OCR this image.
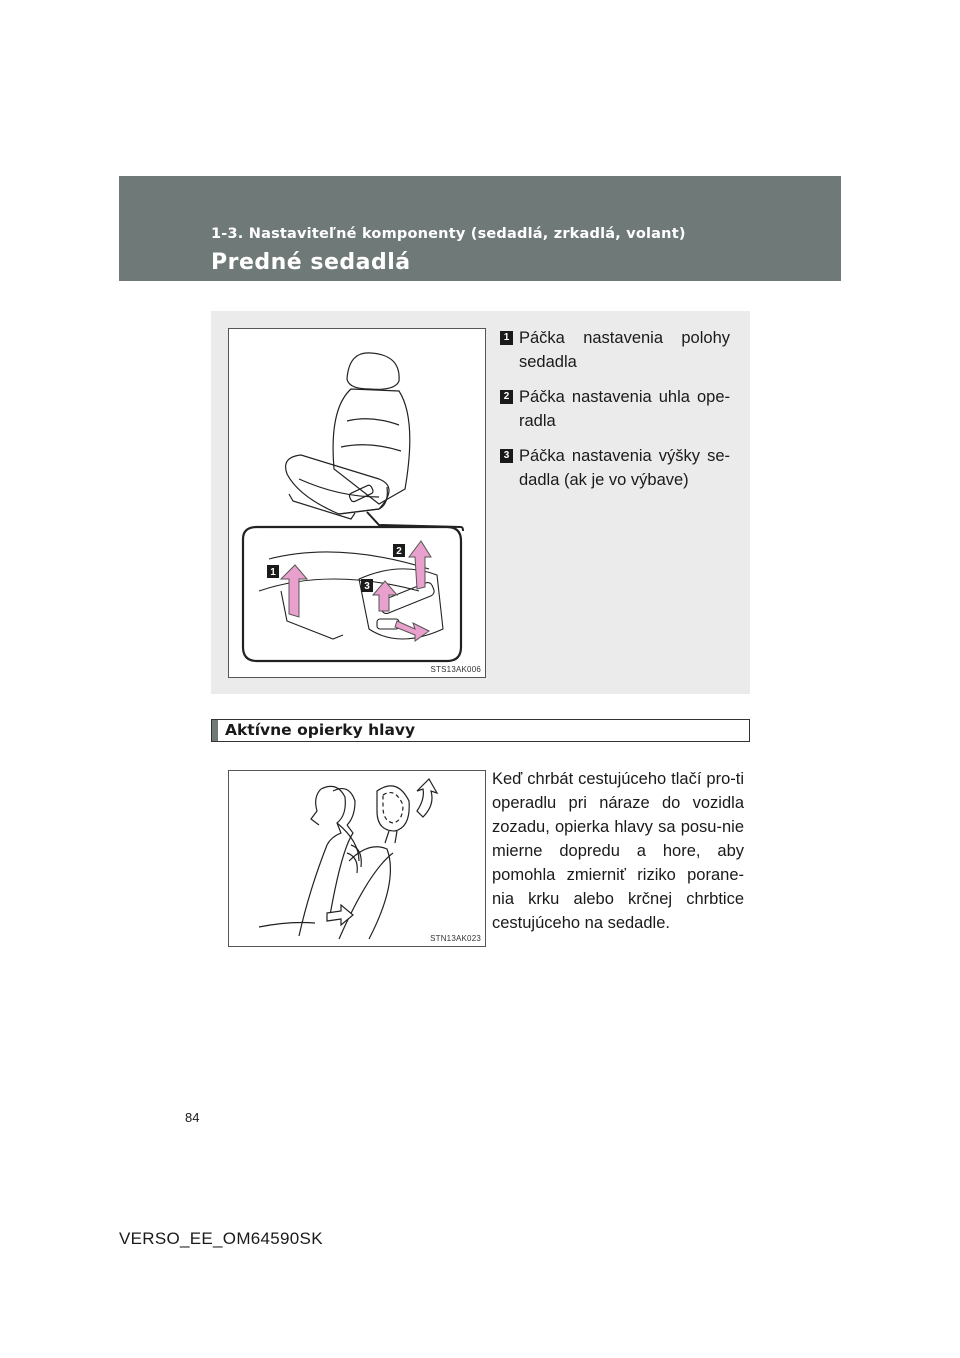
1-3. Nastaviteľné komponenty (sedadlá, zrkadlá, volant)
Predné sedadlá
1
2
3
STS13AK006
1 Páčka nastavenia polohy sedadla
2 Páčka nastavenia uhla ope-radla
3 Páčka nastavenia výšky se-dadla (ak je vo výbave)
Aktívne opierky hlavy
STN13AK023
Keď chrbát cestujúceho tlačí pro-ti operadlu pri náraze do vozidla zozadu, opierka hlavy sa posu-nie mierne dopredu a hore, aby pomohla zmierniť riziko porane-nia krku alebo krčnej chrbtice cestujúceho na sedadle.
84
VERSO_EE_OM64590SK
